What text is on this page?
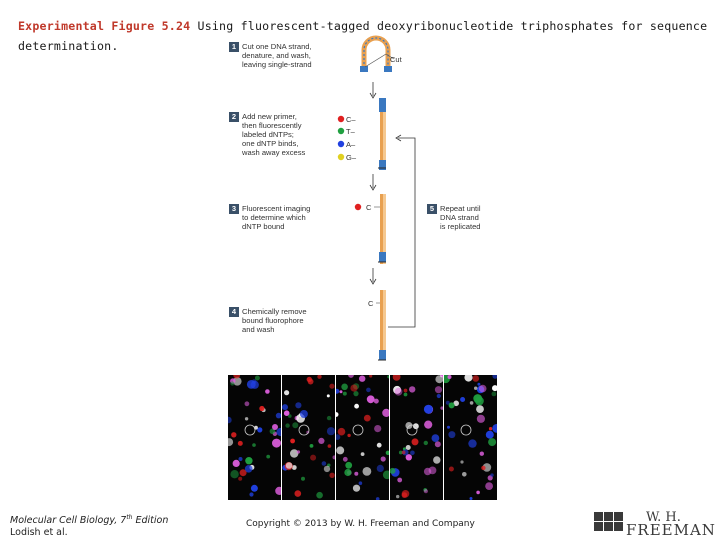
Experimental Figure 5.24 Using fluorescent-tagged deoxyribonucleotide triphosphates for sequence determination.	1 Cut one DNA strand,
denature, and wash,
leaving single-strand
2 Add new primer,
then fluorescently
labeled dNTPs;
one dNTP binds,
wash away excess
3 Fluorescent imaging
to determine which
dNTP bound
4 Chemically remove
bound fluorophore
and wash
5 Repeat until
DNA strand
is replicated
Cut
C–
T–
A–
G–
C
C
Molecular Cell Biology, 7th Edition
Lodish et al.
Copyright © 2013 by W. H. Freeman and Company	W. H.
FREEMAN
